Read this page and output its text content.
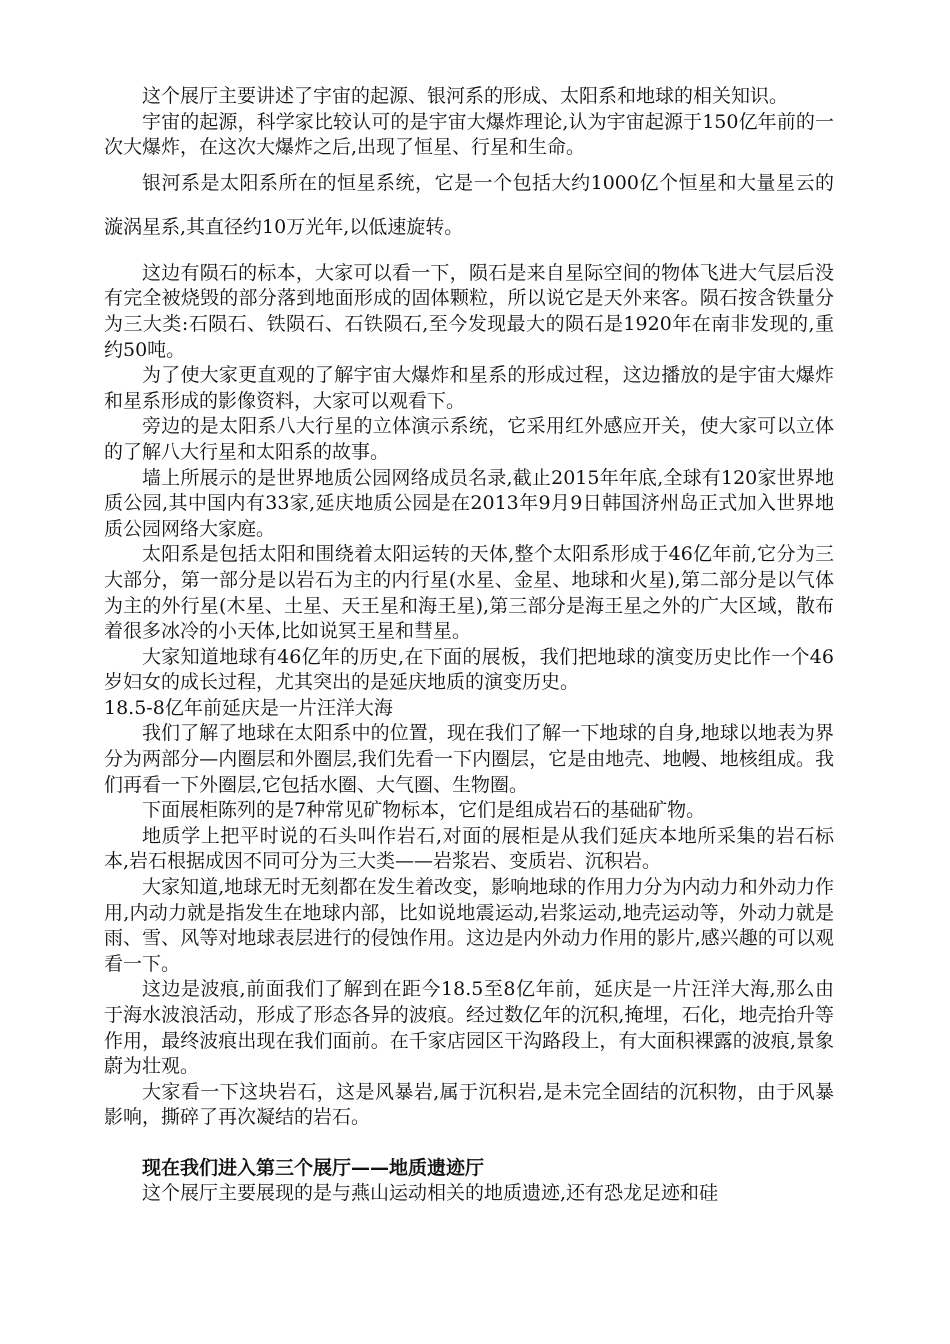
这个展厅主要讲述了宇宙的起源、银河系的形成、太阳系和地球的相关知识。

宇宙的起源，科学家比较认可的是宇宙大爆炸理论,认为宇宙起源于150亿年前的一次大爆炸，在这次大爆炸之后,出现了恒星、行星和生命。

银河系是太阳系所在的恒星系统，它是一个包括大约1000亿个恒星和大量星云的漩涡星系,其直径约10万光年,以低速旋转。

这边有陨石的标本，大家可以看一下，陨石是来自星际空间的物体飞进大气层后没有完全被烧毁的部分落到地面形成的固体颗粒，所以说它是天外来客。陨石按含铁量分为三大类:石陨石、铁陨石、石铁陨石,至今发现最大的陨石是1920年在南非发现的,重约50吨。

为了使大家更直观的了解宇宙大爆炸和星系的形成过程，这边播放的是宇宙大爆炸和星系形成的影像资料，大家可以观看下。

旁边的是太阳系八大行星的立体演示系统，它采用红外感应开关，使大家可以立体的了解八大行星和太阳系的故事。

墙上所展示的是世界地质公园网络成员名录,截止2015年年底,全球有120家世界地质公园,其中国内有33家,延庆地质公园是在2013年9月9日韩国济州岛正式加入世界地质公园网络大家庭。

太阳系是包括太阳和围绕着太阳运转的天体,整个太阳系形成于46亿年前,它分为三大部分，第一部分是以岩石为主的内行星(水星、金星、地球和火星),第二部分是以气体为主的外行星(木星、土星、天王星和海王星),第三部分是海王星之外的广大区域，散布着很多冰冷的小天体,比如说冥王星和彗星。

大家知道地球有46亿年的历史,在下面的展板，我们把地球的演变历史比作一个46岁妇女的成长过程，尤其突出的是延庆地质的演变历史。

18.5-8亿年前延庆是一片汪洋大海

我们了解了地球在太阳系中的位置，现在我们了解一下地球的自身,地球以地表为界分为两部分—内圈层和外圈层,我们先看一下内圈层，它是由地壳、地幔、地核组成。我们再看一下外圈层,它包括水圈、大气圈、生物圈。

下面展柜陈列的是7种常见矿物标本，它们是组成岩石的基础矿物。

地质学上把平时说的石头叫作岩石,对面的展柜是从我们延庆本地所采集的岩石标本,岩石根据成因不同可分为三大类——岩浆岩、变质岩、沉积岩。

大家知道,地球无时无刻都在发生着改变，影响地球的作用力分为内动力和外动力作用,内动力就是指发生在地球内部，比如说地震运动,岩浆运动,地壳运动等，外动力就是雨、雪、风等对地球表层进行的侵蚀作用。这边是内外动力作用的影片,感兴趣的可以观看一下。

这边是波痕,前面我们了解到在距今18.5至8亿年前，延庆是一片汪洋大海,那么由于海水波浪活动，形成了形态各异的波痕。经过数亿年的沉积,掩埋，石化，地壳抬升等作用，最终波痕出现在我们面前。在千家店园区干沟路段上，有大面积裸露的波痕,景象蔚为壮观。

大家看一下这块岩石，这是风暴岩,属于沉积岩,是未完全固结的沉积物，由于风暴影响，撕碎了再次凝结的岩石。

现在我们进入第三个展厅——地质遗迹厅

这个展厅主要展现的是与燕山运动相关的地质遗迹,还有恐龙足迹和硅
